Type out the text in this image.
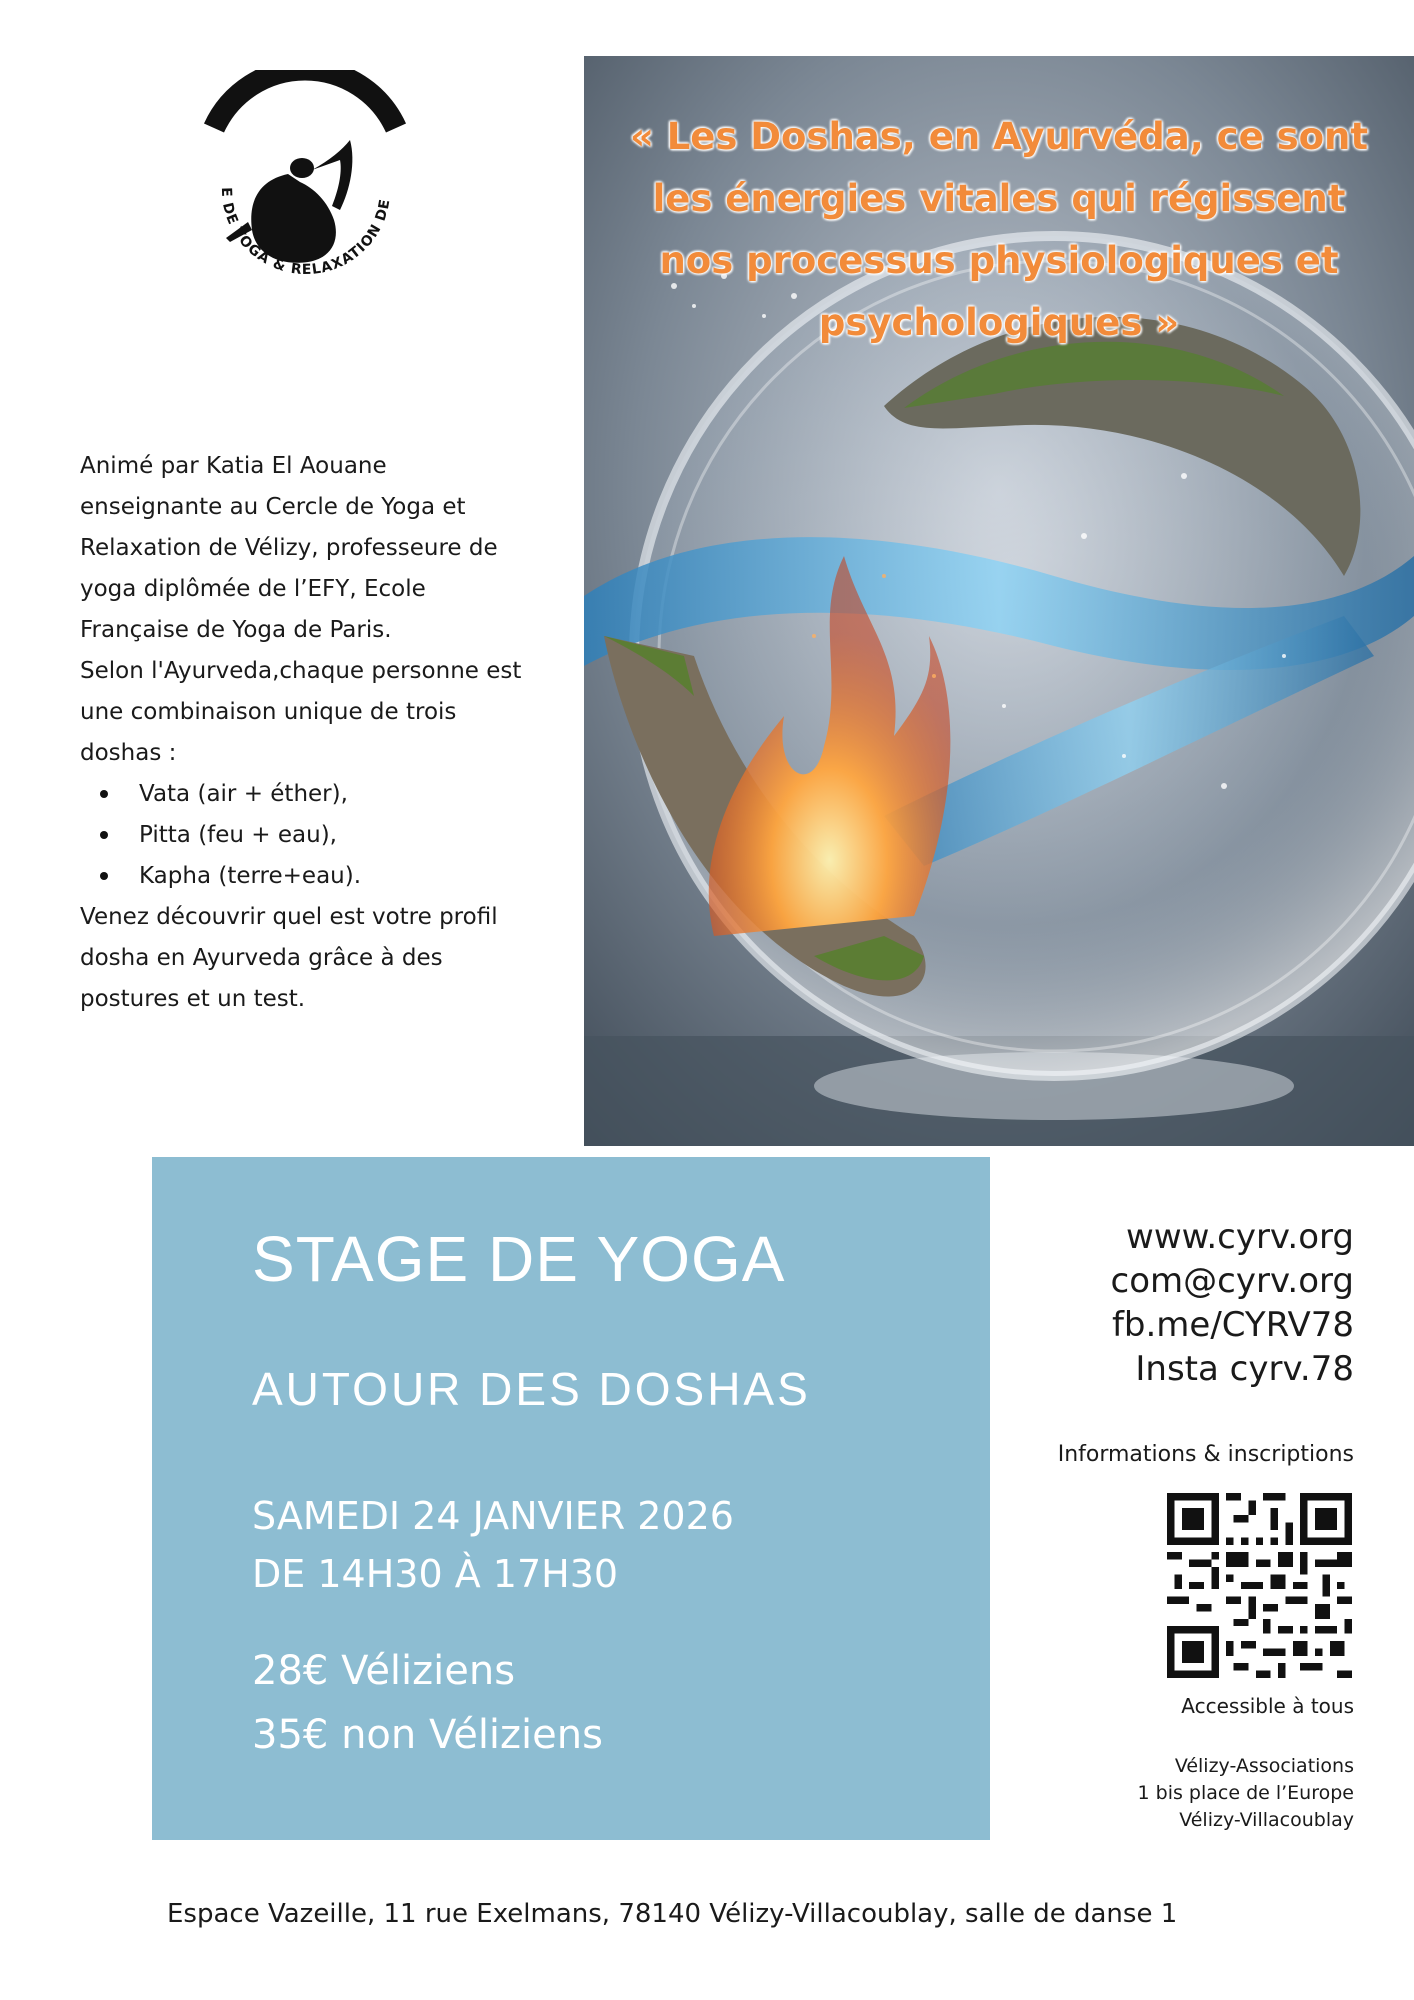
E DE YOGA & RELAXATION DE

Animé par Katia El Aouane enseignante au Cercle de Yoga et Relaxation de Vélizy, professeure de yoga diplômée de l’EFY, Ecole Française de Yoga de Paris.

Selon l'Ayurveda,chaque personne est une combinaison unique de trois doshas :

Vata (air + éther),
Pitta (feu + eau),
Kapha (terre+eau).

Venez découvrir quel est votre profil dosha en Ayurveda grâce à des postures et un test.

« Les Doshas, en Ayurvéda, ce sont les énergies vitales qui régissent nos processus physiologiques et psychologiques »
STAGE DE YOGA
AUTOUR DES DOSHAS
SAMEDI 24 JANVIER 2026
DE 14H30 À 17H30
28€ Véliziens
35€ non Véliziens
www.cyrv.org
com@cyrv.org
fb.me/CYRV78
Insta cyrv.78
Informations & inscriptions
Accessible à tous
Vélizy-Associations
1 bis place de l’Europe
Vélizy-Villacoublay
Espace Vazeille, 11 rue Exelmans, 78140 Vélizy-Villacoublay, salle de danse 1
